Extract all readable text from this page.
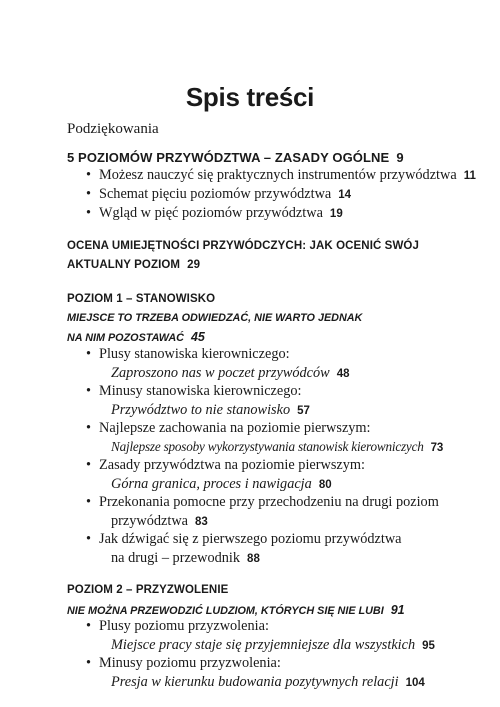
Spis treści
Podziękowania
5 POZIOMÓW PRZYWÓDZTWA – ZASADY OGÓLNE 9
• Możesz nauczyć się praktycznych instrumentów przywództwa 11
• Schemat pięciu poziomów przywództwa 14
• Wgląd w pięć poziomów przywództwa 19
OCENA UMIEJĘTNOŚCI PRZYWÓDCZYCH: JAK OCENIĆ SWÓJ
AKTUALNY POZIOM 29
POZIOM 1 – STANOWISKO
MIEJSCE TO TRZEBA ODWIEDZAĆ, NIE WARTO JEDNAK
NA NIM POZOSTAWAĆ 45
• Plusy stanowiska kierowniczego:
Zaproszono nas w poczet przywódców 48
• Minusy stanowiska kierowniczego:
Przywództwo to nie stanowisko 57
• Najlepsze zachowania na poziomie pierwszym:
Najlepsze sposoby wykorzystywania stanowisk kierowniczych 73
• Zasady przywództwa na poziomie pierwszym:
Górna granica, proces i nawigacja 80
• Przekonania pomocne przy przechodzeniu na drugi poziom
przywództwa 83
• Jak dźwigać się z pierwszego poziomu przywództwa
na drugi – przewodnik 88
POZIOM 2 – PRZYZWOLENIE
NIE MOŻNA PRZEWODZIĆ LUDZIOM, KTÓRYCH SIĘ NIE LUBI 91
• Plusy poziomu przyzwolenia:
Miejsce pracy staje się przyjemniejsze dla wszystkich 95
• Minusy poziomu przyzwolenia:
Presja w kierunku budowania pozytywnych relacji 104
